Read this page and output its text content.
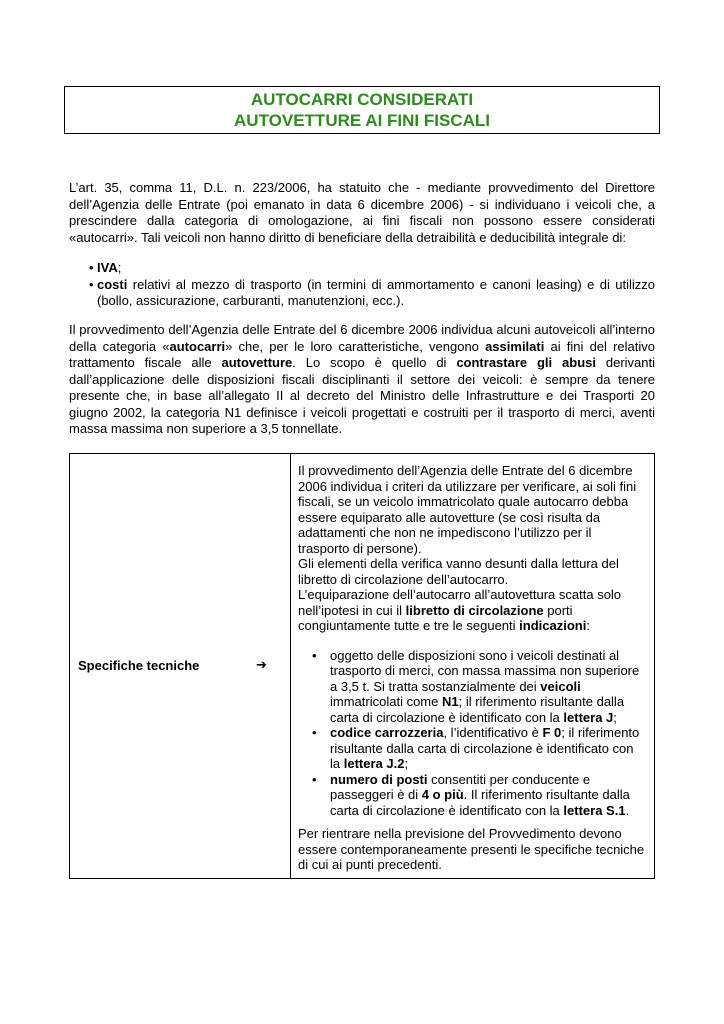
AUTOCARRI CONSIDERATI
AUTOVETTURE AI FINI FISCALI
L’art. 35, comma 11, D.L. n. 223/2006, ha statuito che - mediante provvedimento del Direttore dell’Agenzia delle Entrate (poi emanato in data 6 dicembre 2006) - si individuano i veicoli che, a prescindere dalla categoria di omologazione, ai fini fiscali non possono essere considerati «autocarri». Tali veicoli non hanno diritto di beneficiare della detraibilità e deducibilità integrale di:
• IVA;
• costi relativi al mezzo di trasporto (in termini di ammortamento e canoni leasing) e di utilizzo (bollo, assicurazione, carburanti, manutenzioni, ecc.).
Il provvedimento dell’Agenzia delle Entrate del 6 dicembre 2006 individua alcuni autoveicoli all’interno della categoria «autocarri» che, per le loro caratteristiche, vengono assimilati ai fini del relativo trattamento fiscale alle autovetture. Lo scopo è quello di contrastare gli abusi derivanti dall’applicazione delle disposizioni fiscali disciplinanti il settore dei veicoli: è sempre da tenere presente che, in base all’allegato II al decreto del Ministro delle Infrastrutture e dei Trasporti 20 giugno 2002, la categoria N1 definisce i veicoli progettati e costruiti per il trasporto di merci, aventi massa massima non superiore a 3,5 tonnellate.
Specifiche tecniche	➔

Il provvedimento dell’Agenzia delle Entrate del 6 dicembre 2006 individua i criteri da utilizzare per verificare, ai soli fini fiscali, se un veicolo immatricolato quale autocarro debba essere equiparato alle autovetture (se così risulta da adattamenti che non ne impediscono l’utilizzo per il trasporto di persone).

Gli elementi della verifica vanno desunti dalla lettura del libretto di circolazione dell’autocarro.

L’equiparazione dell’autocarro all’autovettura scatta solo nell’ipotesi in cui il libretto di circolazione porti congiuntamente tutte e tre le seguenti indicazioni:

• oggetto delle disposizioni sono i veicoli destinati al trasporto di merci, con massa massima non superiore a 3,5 t. Si tratta sostanzialmente dei veicoli immatricolati come N1; il riferimento risultante dalla carta di circolazione è identificato con la lettera J;
• codice carrozzeria, l’identificativo è F 0; il riferimento risultante dalla carta di circolazione è identificato con la lettera J.2;
• numero di posti consentiti per conducente e passeggeri è di 4 o più. Il riferimento risultante dalla carta di circolazione è identificato con la lettera S.1.

Per rientrare nella previsione del Provvedimento devono essere contemporaneamente presenti le specifiche tecniche di cui ai punti precedenti.
